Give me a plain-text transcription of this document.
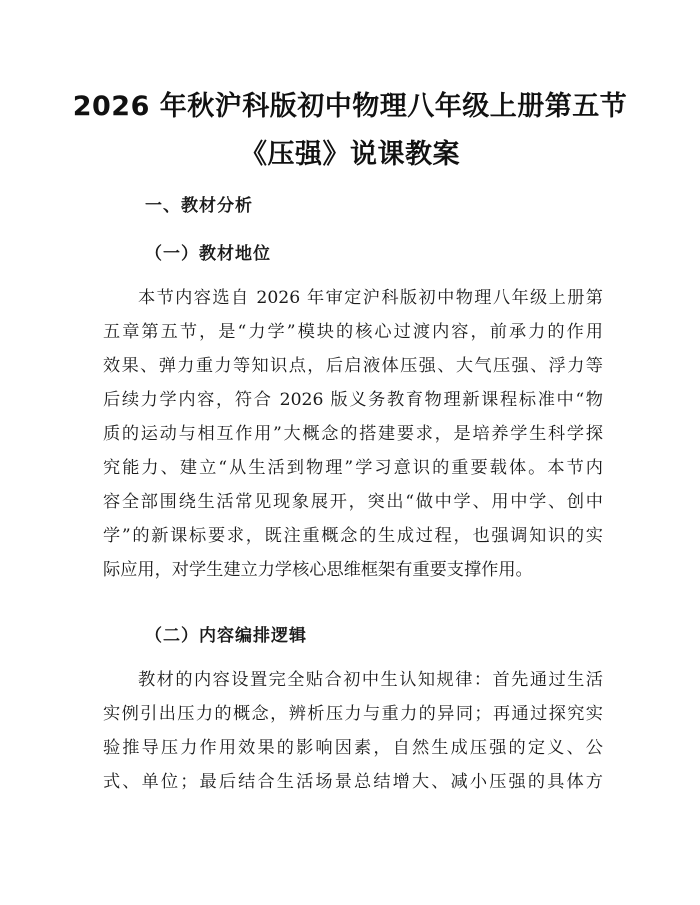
2026 年秋沪科版初中物理八年级上册第五节
《压强》说课教案
一、教材分析
（一）教材地位

本节内容选自 2026 年审定沪科版初中物理八年级上册第
五章第五节，是“力学”模块的核心过渡内容，前承力的作用
效果、弹力重力等知识点，后启液体压强、大气压强、浮力等
后续力学内容，符合 2026 版义务教育物理新课程标准中“物
质的运动与相互作用”大概念的搭建要求，是培养学生科学探
究能力、建立“从生活到物理”学习意识的重要载体。本节内
容全部围绕生活常见现象展开，突出“做中学、用中学、创中
学”的新课标要求，既注重概念的生成过程，也强调知识的实
际应用，对学生建立力学核心思维框架有重要支撑作用。

（二）内容编排逻辑

教材的内容设置完全贴合初中生认知规律：首先通过生活
实例引出压力的概念，辨析压力与重力的异同；再通过探究实
验推导压力作用效果的影响因素，自然生成压强的定义、公
式、单位；最后结合生活场景总结增大、减小压强的具体方
